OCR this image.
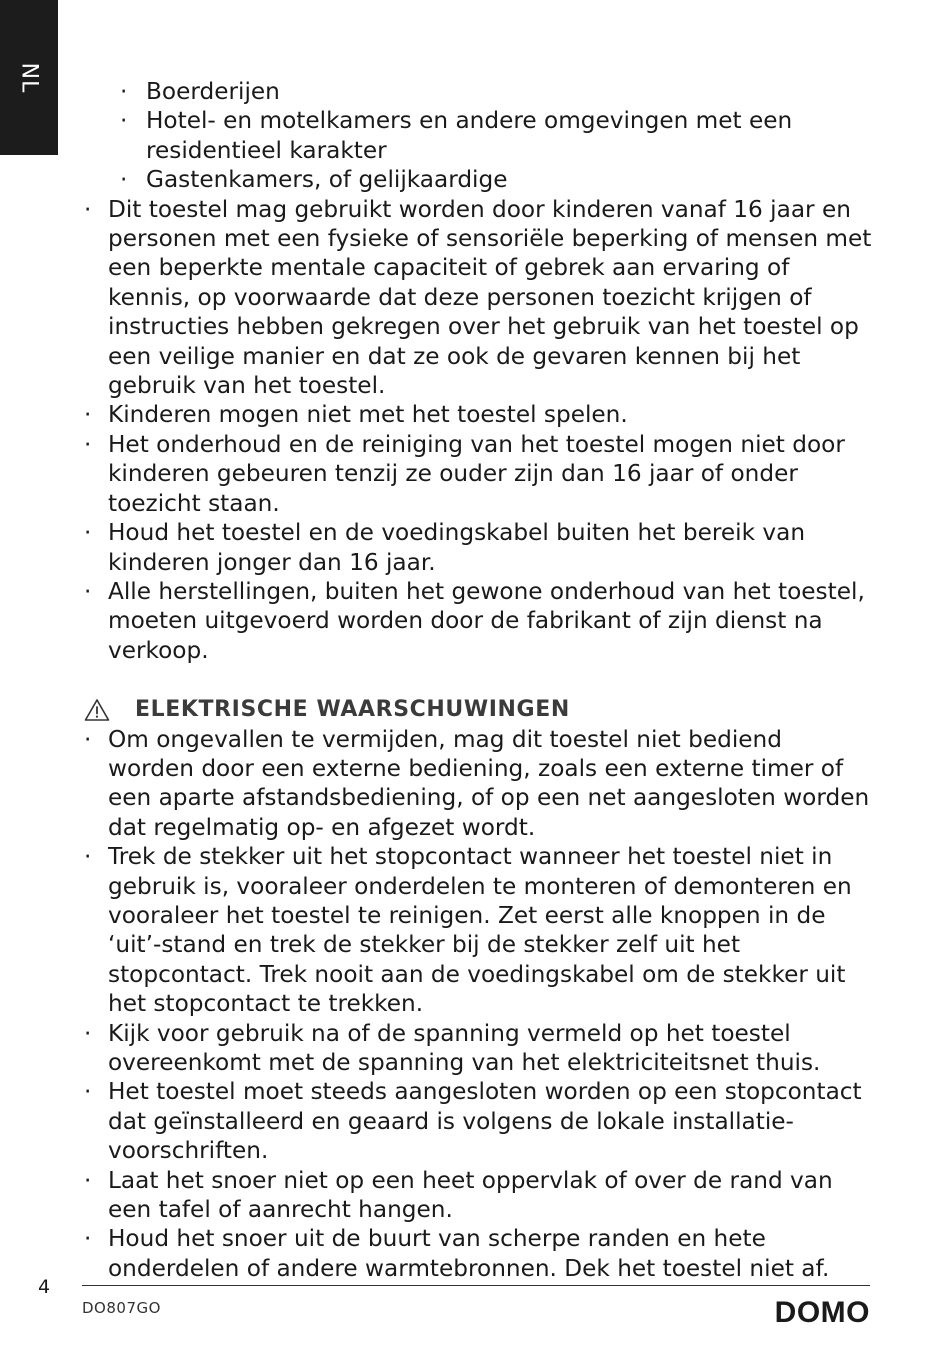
NL
·	Boerderijen
· Hotel- en motelkamers en andere omgevingen met een residentieel karakter
· Gastenkamers, of gelijkaardige
· Dit toestel mag gebruikt worden door kinderen vanaf 16 jaar en personen met een fysieke of sensoriële beperking of mensen met een beperkte mentale capaciteit of gebrek aan ervaring of kennis, op voorwaarde dat deze personen toezicht krijgen of instructies hebben gekregen over het gebruik van het toestel op een veilige manier en dat ze ook de gevaren kennen bij het gebruik van het toestel.
· Kinderen mogen niet met het toestel spelen.
· Het onderhoud en de reiniging van het toestel mogen niet door kinderen gebeuren tenzij ze ouder zijn dan 16 jaar of onder toezicht staan.
· Houd het toestel en de voedingskabel buiten het bereik van kinderen jonger dan 16 jaar.
· Alle herstellingen, buiten het gewone onderhoud van het toestel, moeten uitgevoerd worden door de fabrikant of zijn dienst na verkoop.
ELEKTRISCHE WAARSCHUWINGEN
· Om ongevallen te vermijden, mag dit toestel niet bediend worden door een externe bediening, zoals een externe timer of een aparte afstandsbediening, of op een net aangesloten worden dat regelmatig op- en afgezet wordt.
· Trek de stekker uit het stopcontact wanneer het toestel niet in gebruik is, vooraleer onderdelen te monteren of demonteren en vooraleer het toestel te reinigen. Zet eerst alle knoppen in de ‘uit’-stand en trek de stekker bij de stekker zelf uit het stopcontact. Trek nooit aan de voedingskabel om de stekker uit het stopcontact te trekken.
· Kijk voor gebruik na of de spanning vermeld op het toestel overeenkomt met de spanning van het elektriciteitsnet thuis.
· Het toestel moet steeds aangesloten worden op een stopcontact dat geïnstalleerd en geaard is volgens de lokale installatie-voorschriften.
· Laat het snoer niet op een heet oppervlak of over de rand van een tafel of aanrecht hangen.
· Houd het snoer uit de buurt van scherpe randen en hete onderdelen of andere warmtebronnen. Dek het toestel niet af.
4
DO807GO	DOMO
